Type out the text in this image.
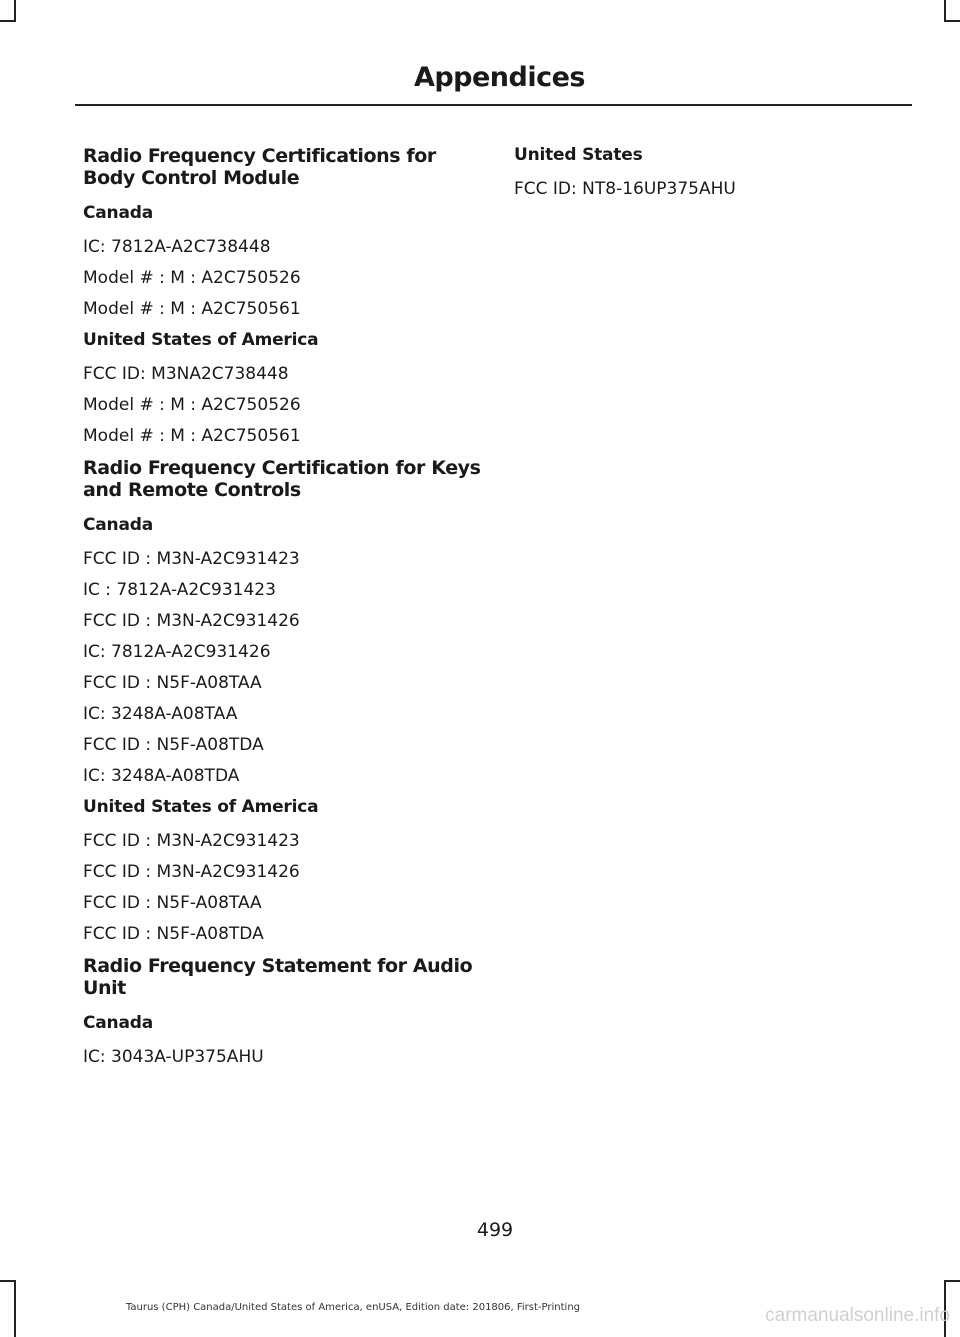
Appendices
Radio Frequency Certifications for Body Control Module
Canada
IC: 7812A-A2C738448
Model # : M : A2C750526
Model # : M : A2C750561
United States of America
FCC ID: M3NA2C738448
Model # : M : A2C750526
Model # : M : A2C750561
Radio Frequency Certification for Keys and Remote Controls
Canada
FCC ID : M3N-A2C931423
IC : 7812A-A2C931423
FCC ID : M3N-A2C931426
IC: 7812A-A2C931426
FCC ID : N5F-A08TAA
IC: 3248A-A08TAA
FCC ID : N5F-A08TDA
IC: 3248A-A08TDA
United States of America
FCC ID : M3N-A2C931423
FCC ID : M3N-A2C931426
FCC ID : N5F-A08TAA
FCC ID : N5F-A08TDA
Radio Frequency Statement for Audio Unit
Canada
IC: 3043A-UP375AHU
United States
FCC ID: NT8-16UP375AHU
499
Taurus (CPH) Canada/United States of America, enUSA, Edition date: 201806, First-Printing	carmanualsonline.info
